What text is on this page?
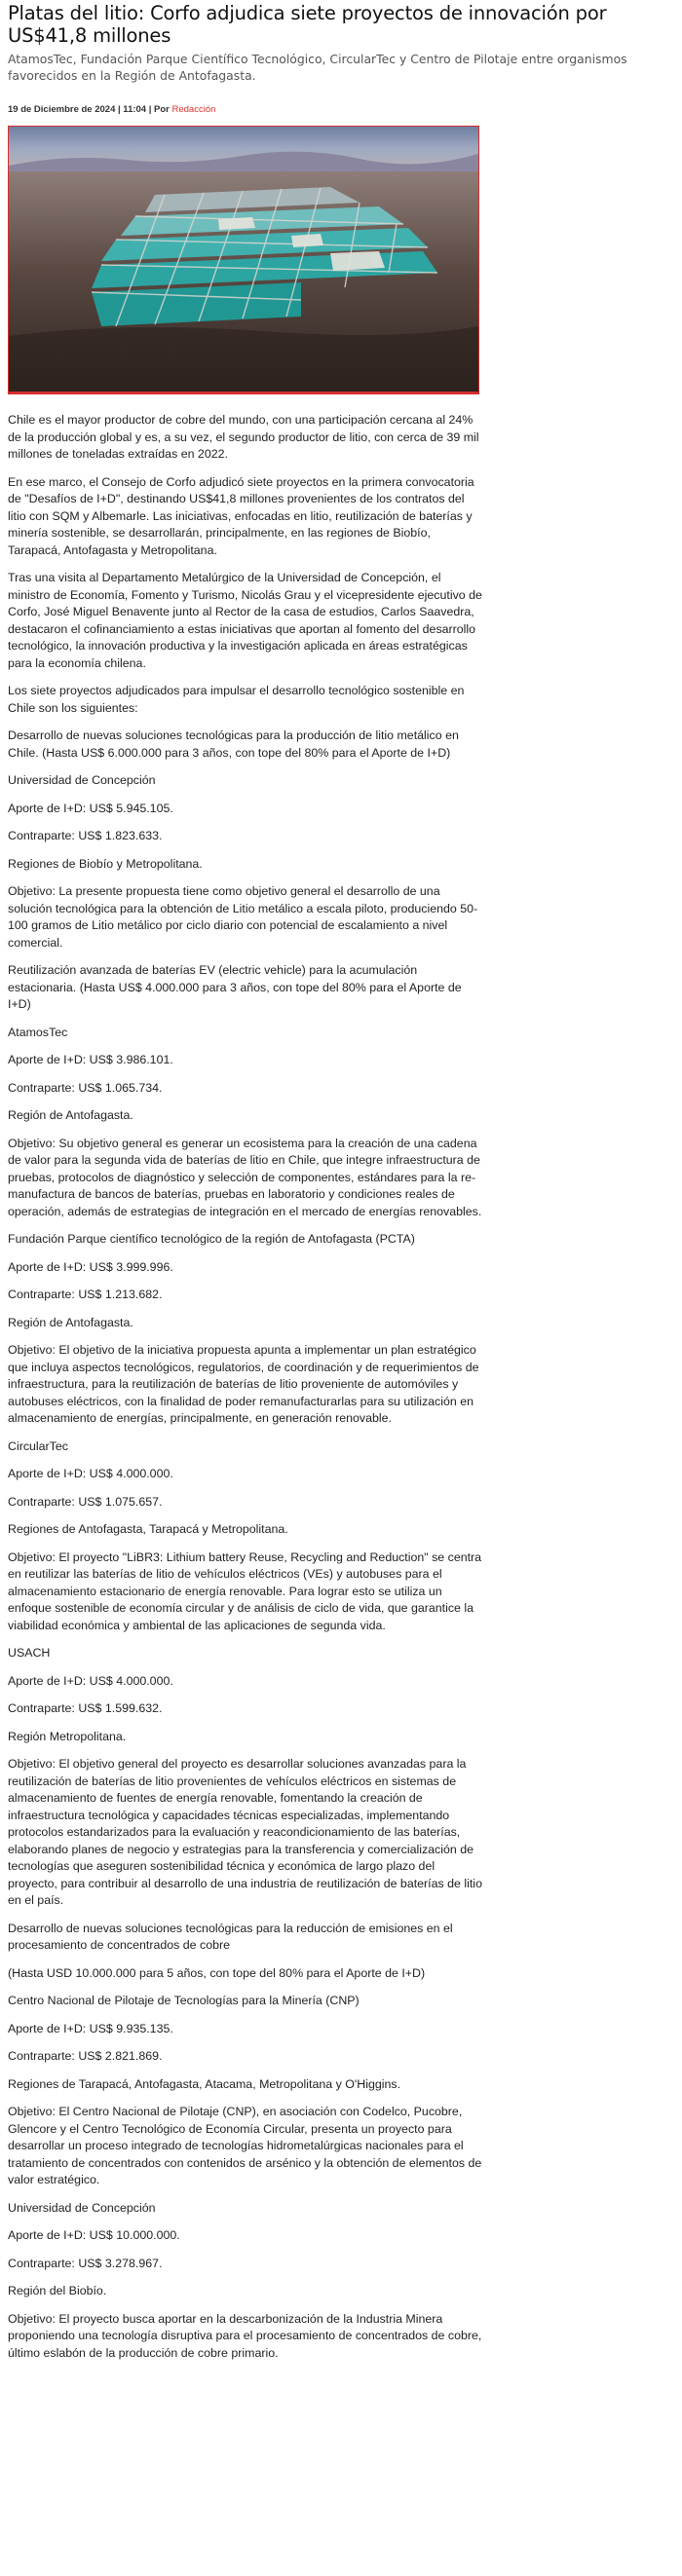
Platas del litio: Corfo adjudica siete proyectos de innovación por US$41,8 millones
AtamosTec, Fundación Parque Científico Tecnológico, CircularTec y Centro de Pilotaje entre organismos favorecidos en la Región de Antofagasta.
19 de Diciembre de 2024 | 11:04 | Por Redacción

Chile es el mayor productor de cobre del mundo, con una participación cercana al 24% de la producción global y es, a su vez, el segundo productor de litio, con cerca de 39 mil millones de toneladas extraídas en 2022.

En ese marco, el Consejo de Corfo adjudicó siete proyectos en la primera convocatoria de "Desafíos de I+D", destinando US$41,8 millones provenientes de los contratos del litio con SQM y Albemarle. Las iniciativas, enfocadas en litio, reutilización de baterías y minería sostenible, se desarrollarán, principalmente, en las regiones de Biobío, Tarapacá, Antofagasta y Metropolitana.

Tras una visita al Departamento Metalúrgico de la Universidad de Concepción, el ministro de Economía, Fomento y Turismo, Nicolás Grau y el vicepresidente ejecutivo de Corfo, José Miguel Benavente junto al Rector de la casa de estudios, Carlos Saavedra, destacaron el cofinanciamiento a estas iniciativas que aportan al fomento del desarrollo tecnológico, la innovación productiva y la investigación aplicada en áreas estratégicas para la economía chilena.

Los siete proyectos adjudicados para impulsar el desarrollo tecnológico sostenible en Chile son los siguientes:

Desarrollo de nuevas soluciones tecnológicas para la producción de litio metálico en Chile. (Hasta US$ 6.000.000 para 3 años, con tope del 80% para el Aporte de I+D)

Universidad de Concepción

Aporte de I+D: US$ 5.945.105.

Contraparte: US$ 1.823.633.

Regiones de Biobío y Metropolitana.

Objetivo: La presente propuesta tiene como objetivo general el desarrollo de una solución tecnológica para la obtención de Litio metálico a escala piloto, produciendo 50-100 gramos de Litio metálico por ciclo diario con potencial de escalamiento a nivel comercial.

Reutilización avanzada de baterías EV (electric vehicle) para la acumulación estacionaria. (Hasta US$ 4.000.000 para 3 años, con tope del 80% para el Aporte de I+D)

AtamosTec

Aporte de I+D: US$ 3.986.101.

Contraparte: US$ 1.065.734.

Región de Antofagasta.

Objetivo: Su objetivo general es generar un ecosistema para la creación de una cadena de valor para la segunda vida de baterías de litio en Chile, que integre infraestructura de pruebas, protocolos de diagnóstico y selección de componentes, estándares para la re-manufactura de bancos de baterías, pruebas en laboratorio y condiciones reales de operación, además de estrategias de integración en el mercado de energías renovables.

Fundación Parque científico tecnológico de la región de Antofagasta (PCTA)

Aporte de I+D: US$ 3.999.996.

Contraparte: US$ 1.213.682.

Región de Antofagasta.

Objetivo: El objetivo de la iniciativa propuesta apunta a implementar un plan estratégico que incluya aspectos tecnológicos, regulatorios, de coordinación y de requerimientos de infraestructura, para la reutilización de baterías de litio proveniente de automóviles y autobuses eléctricos, con la finalidad de poder remanufacturarlas para su utilización en almacenamiento de energías, principalmente, en generación renovable.

CircularTec

Aporte de I+D: US$ 4.000.000.

Contraparte: US$ 1.075.657.

Regiones de Antofagasta, Tarapacá y Metropolitana.

Objetivo: El proyecto "LiBR3: Lithium battery Reuse, Recycling and Reduction" se centra en reutilizar las baterías de litio de vehículos eléctricos (VEs) y autobuses para el almacenamiento estacionario de energía renovable. Para lograr esto se utiliza un enfoque sostenible de economía circular y de análisis de ciclo de vida, que garantice la viabilidad económica y ambiental de las aplicaciones de segunda vida.

USACH

Aporte de I+D: US$ 4.000.000.

Contraparte: US$ 1.599.632.

Región Metropolitana.

Objetivo: El objetivo general del proyecto es desarrollar soluciones avanzadas para la reutilización de baterías de litio provenientes de vehículos eléctricos en sistemas de almacenamiento de fuentes de energía renovable, fomentando la creación de infraestructura tecnológica y capacidades técnicas especializadas, implementando protocolos estandarizados para la evaluación y reacondicionamiento de las baterías, elaborando planes de negocio y estrategias para la transferencia y comercialización de tecnologías que aseguren sostenibilidad técnica y económica de largo plazo del proyecto, para contribuir al desarrollo de una industria de reutilización de baterías de litio en el país.

Desarrollo de nuevas soluciones tecnológicas para la reducción de emisiones en el procesamiento de concentrados de cobre

(Hasta USD 10.000.000 para 5 años, con tope del 80% para el Aporte de I+D)

Centro Nacional de Pilotaje de Tecnologías para la Minería (CNP)

Aporte de I+D: US$ 9.935.135.

Contraparte: US$ 2.821.869.

Regiones de Tarapacá, Antofagasta, Atacama, Metropolitana y O'Higgins.

Objetivo: El Centro Nacional de Pilotaje (CNP), en asociación con Codelco, Pucobre, Glencore y el Centro Tecnológico de Economía Circular, presenta un proyecto para desarrollar un proceso integrado de tecnologías hidrometalúrgicas nacionales para el tratamiento de concentrados con contenidos de arsénico y la obtención de elementos de valor estratégico.

Universidad de Concepción

Aporte de I+D: US$ 10.000.000.

Contraparte: US$ 3.278.967.

Región del Biobío.

Objetivo: El proyecto busca aportar en la descarbonización de la Industria Minera proponiendo una tecnología disruptiva para el procesamiento de concentrados de cobre, último eslabón de la producción de cobre primario.
